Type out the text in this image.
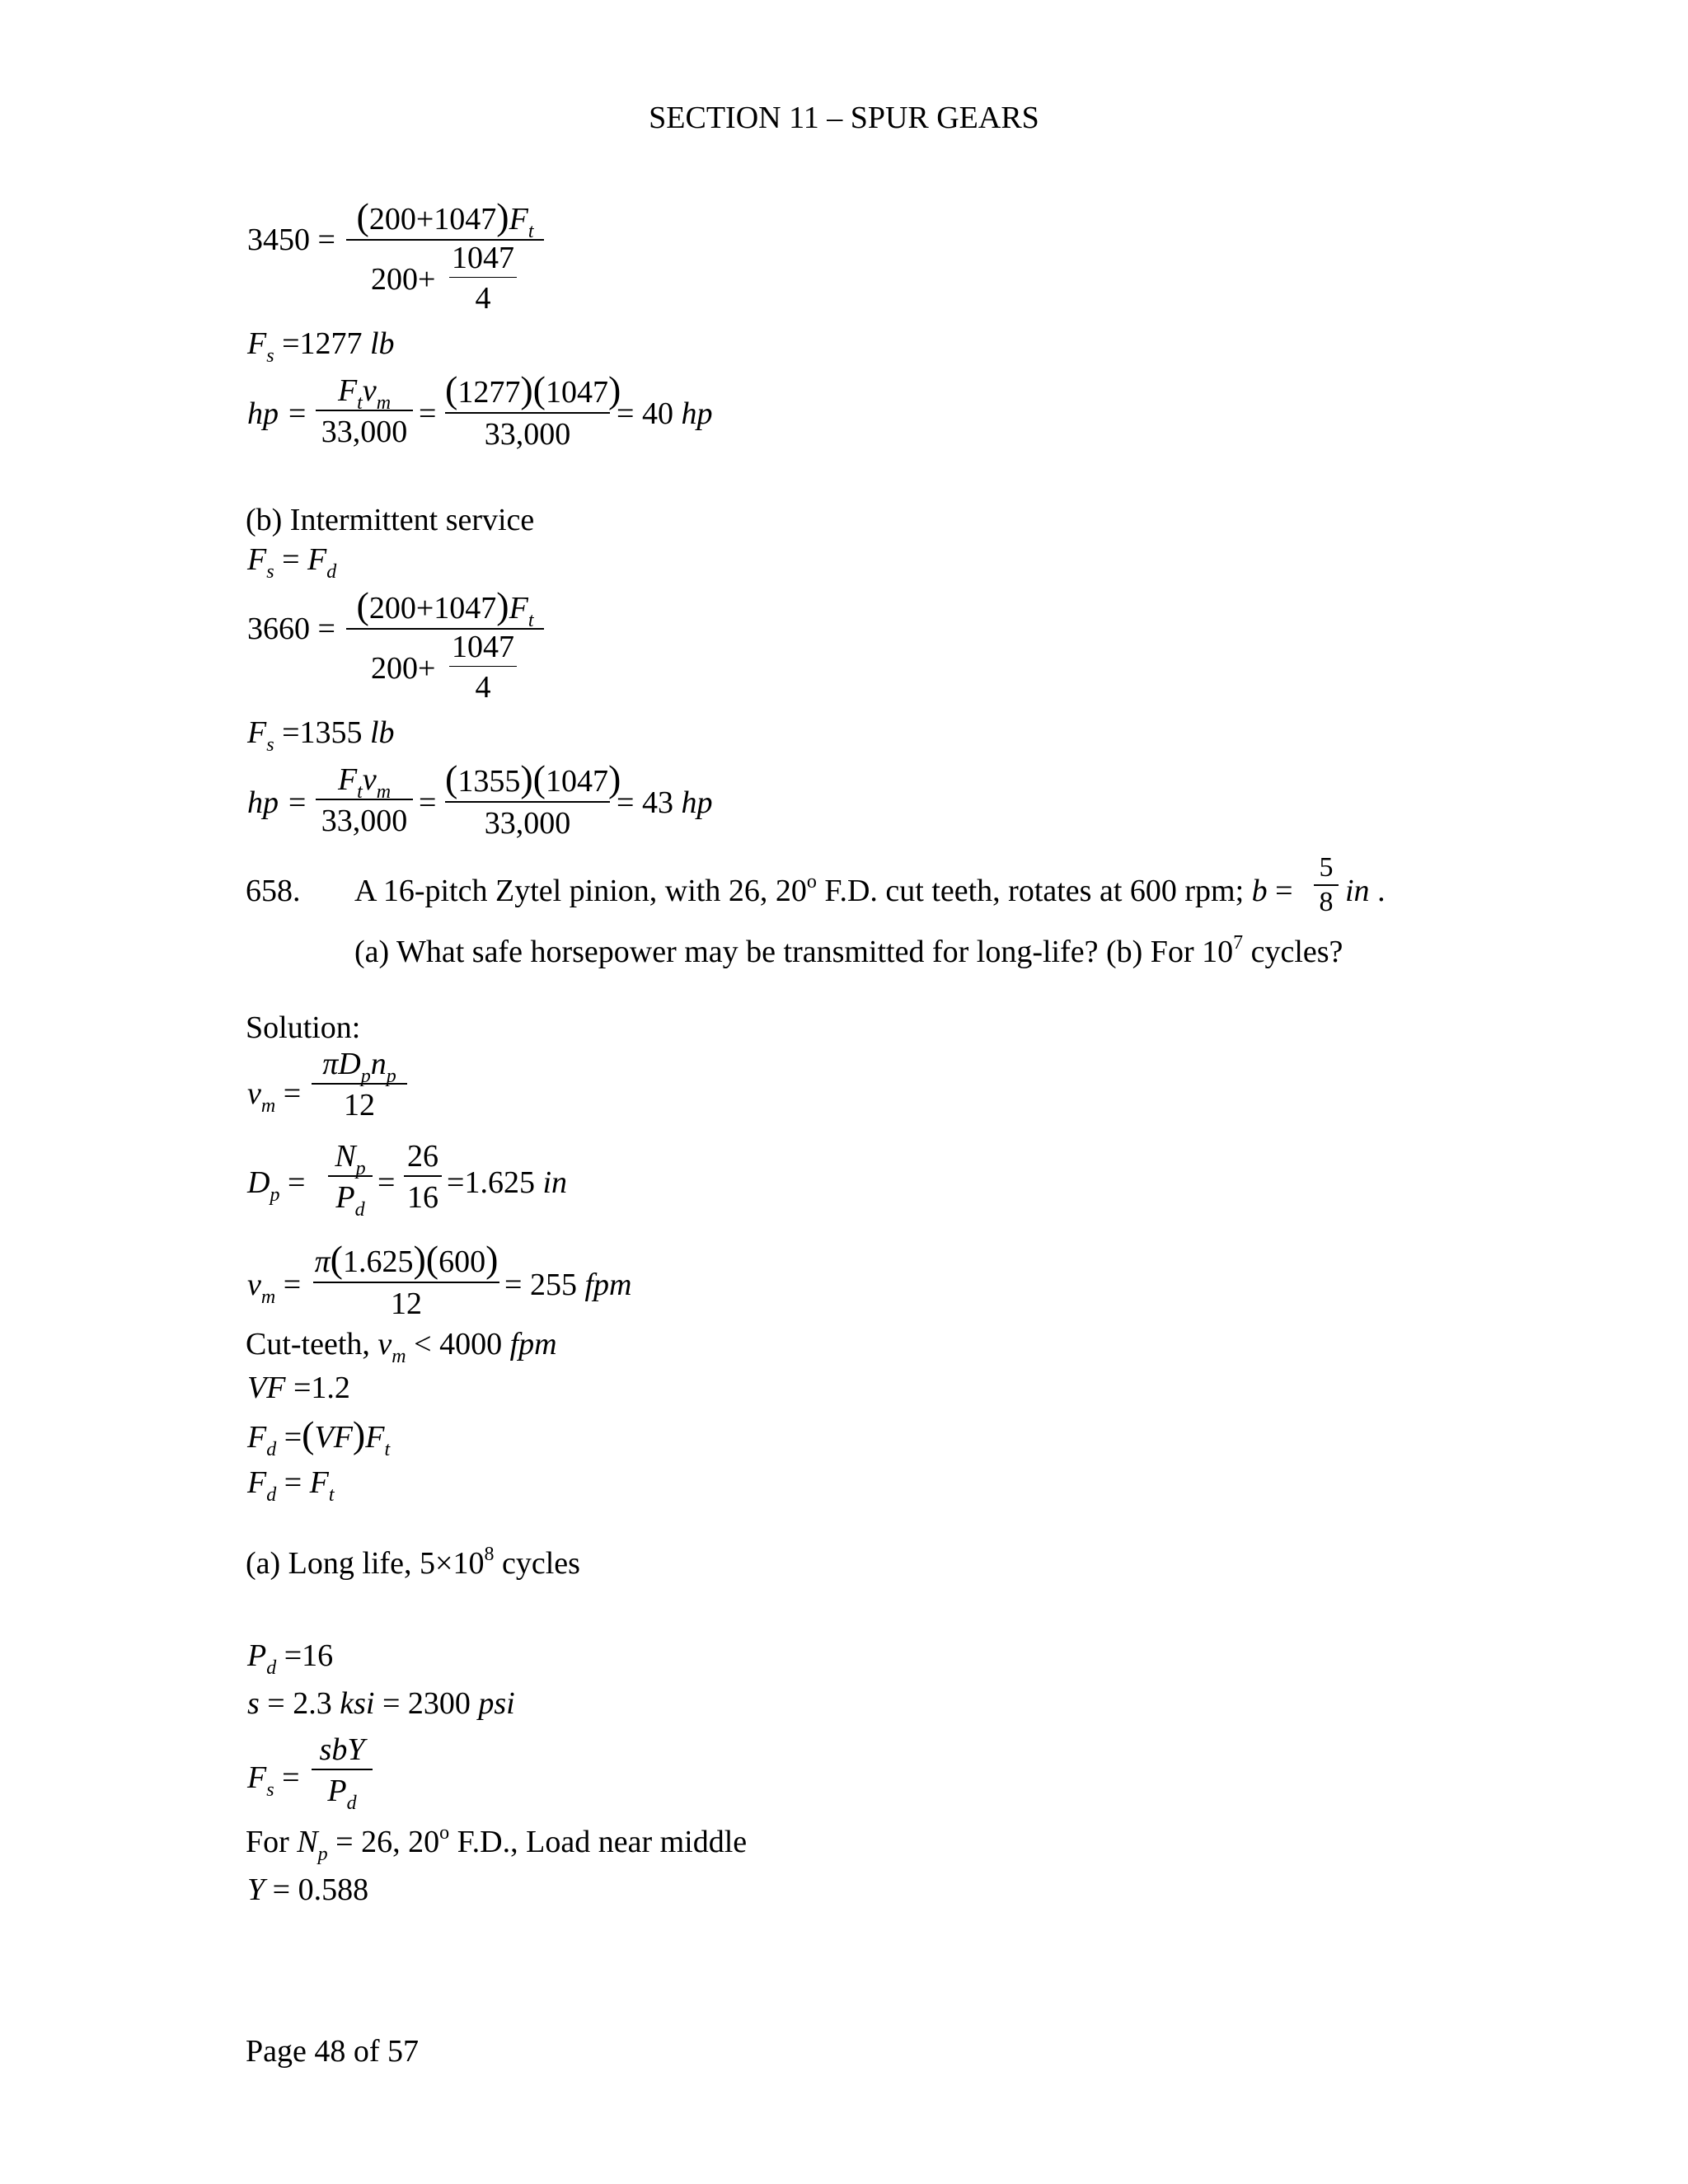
SECTION 11 – SPUR GEARS
3450 =
$(200+1047)F_t$
200+
1047
4
$F_s =1277$ lb
hp =
$F_tv_m$
33,000
=
(1277)(1047)
33,000
= 40 hp
(b) Intermittent service
$F_s = F_d$
3660 =
$(200+1047)F_t$
200+
1047
4
$F_s =1355$ lb
hp =
$F_tv_m$
33,000
=
(1355)(1047)
33,000
= 43 hp
658. A 16-pitch Zytel pinion, with 26, 20$^o$ F.D. cut teeth, rotates at 600 rpm; b =
5
8 in .
(a) What safe horsepower may be transmitted for long-life? (b) For $10^7$ cycles?
Solution:
$v_m$ =
$\pi D_pn_p$
12
$D_p$ =
$N_p$
$P_d$
=
26
16 =1.625 in
$v_m$ =
π(1.625)(600)
12
= 255 fpm
Cut-teeth, $v_m < 4000$ fpm
VF =1.2
$F_d =(VF)F_t$
$F_d = F_t$
(a) Long life, $5\times 10^8$ cycles
$P_d =16$
s = 2.3 ksi = 2300 psi
$F_s$ =
sbY
$P_d$
For $N_p = 26$, 20$^o$ F.D., Load near middle
Y = 0.588
Page 48 of 57
